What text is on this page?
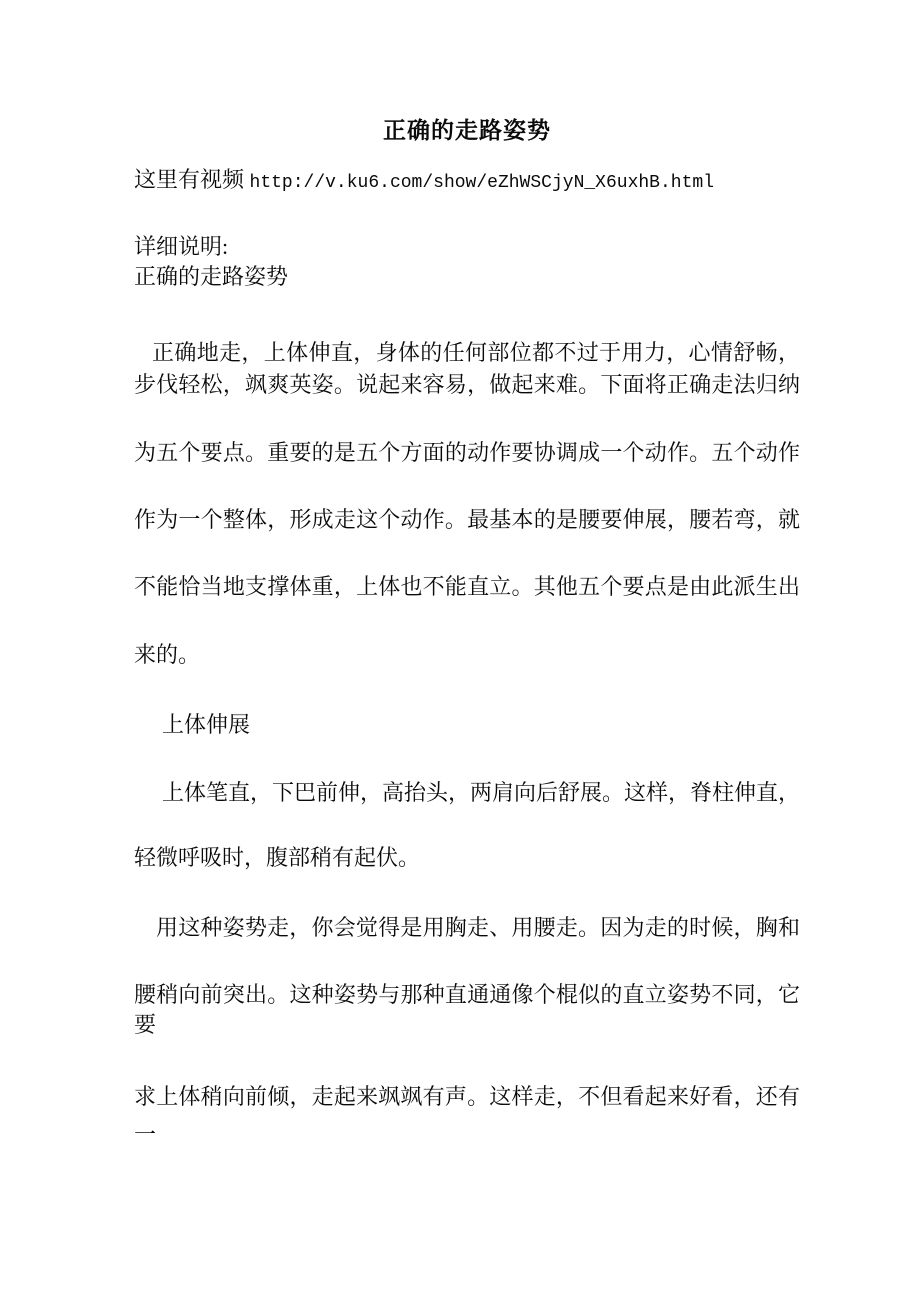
正确的走路姿势

这里有视频 http://v.ku6.com/show/eZhWSCjyN_X6uxhB.html

详细说明:

正确的走路姿势

正确地走，上体伸直，身体的任何部位都不过于用力，心情舒畅，

步伐轻松，飒爽英姿。说起来容易，做起来难。下面将正确走法归纳

为五个要点。重要的是五个方面的动作要协调成一个动作。五个动作

作为一个整体，形成走这个动作。最基本的是腰要伸展，腰若弯，就

不能恰当地支撑体重，上体也不能直立。其他五个要点是由此派生出

来的。

上体伸展

上体笔直，下巴前伸，高抬头，两肩向后舒展。这样，脊柱伸直，

轻微呼吸时，腹部稍有起伏。

用这种姿势走，你会觉得是用胸走、用腰走。因为走的时候，胸和

腰稍向前突出。这种姿势与那种直通通像个棍似的直立姿势不同，它

要

求上体稍向前倾，走起来飒飒有声。这样走，不但看起来好看，还有

一
